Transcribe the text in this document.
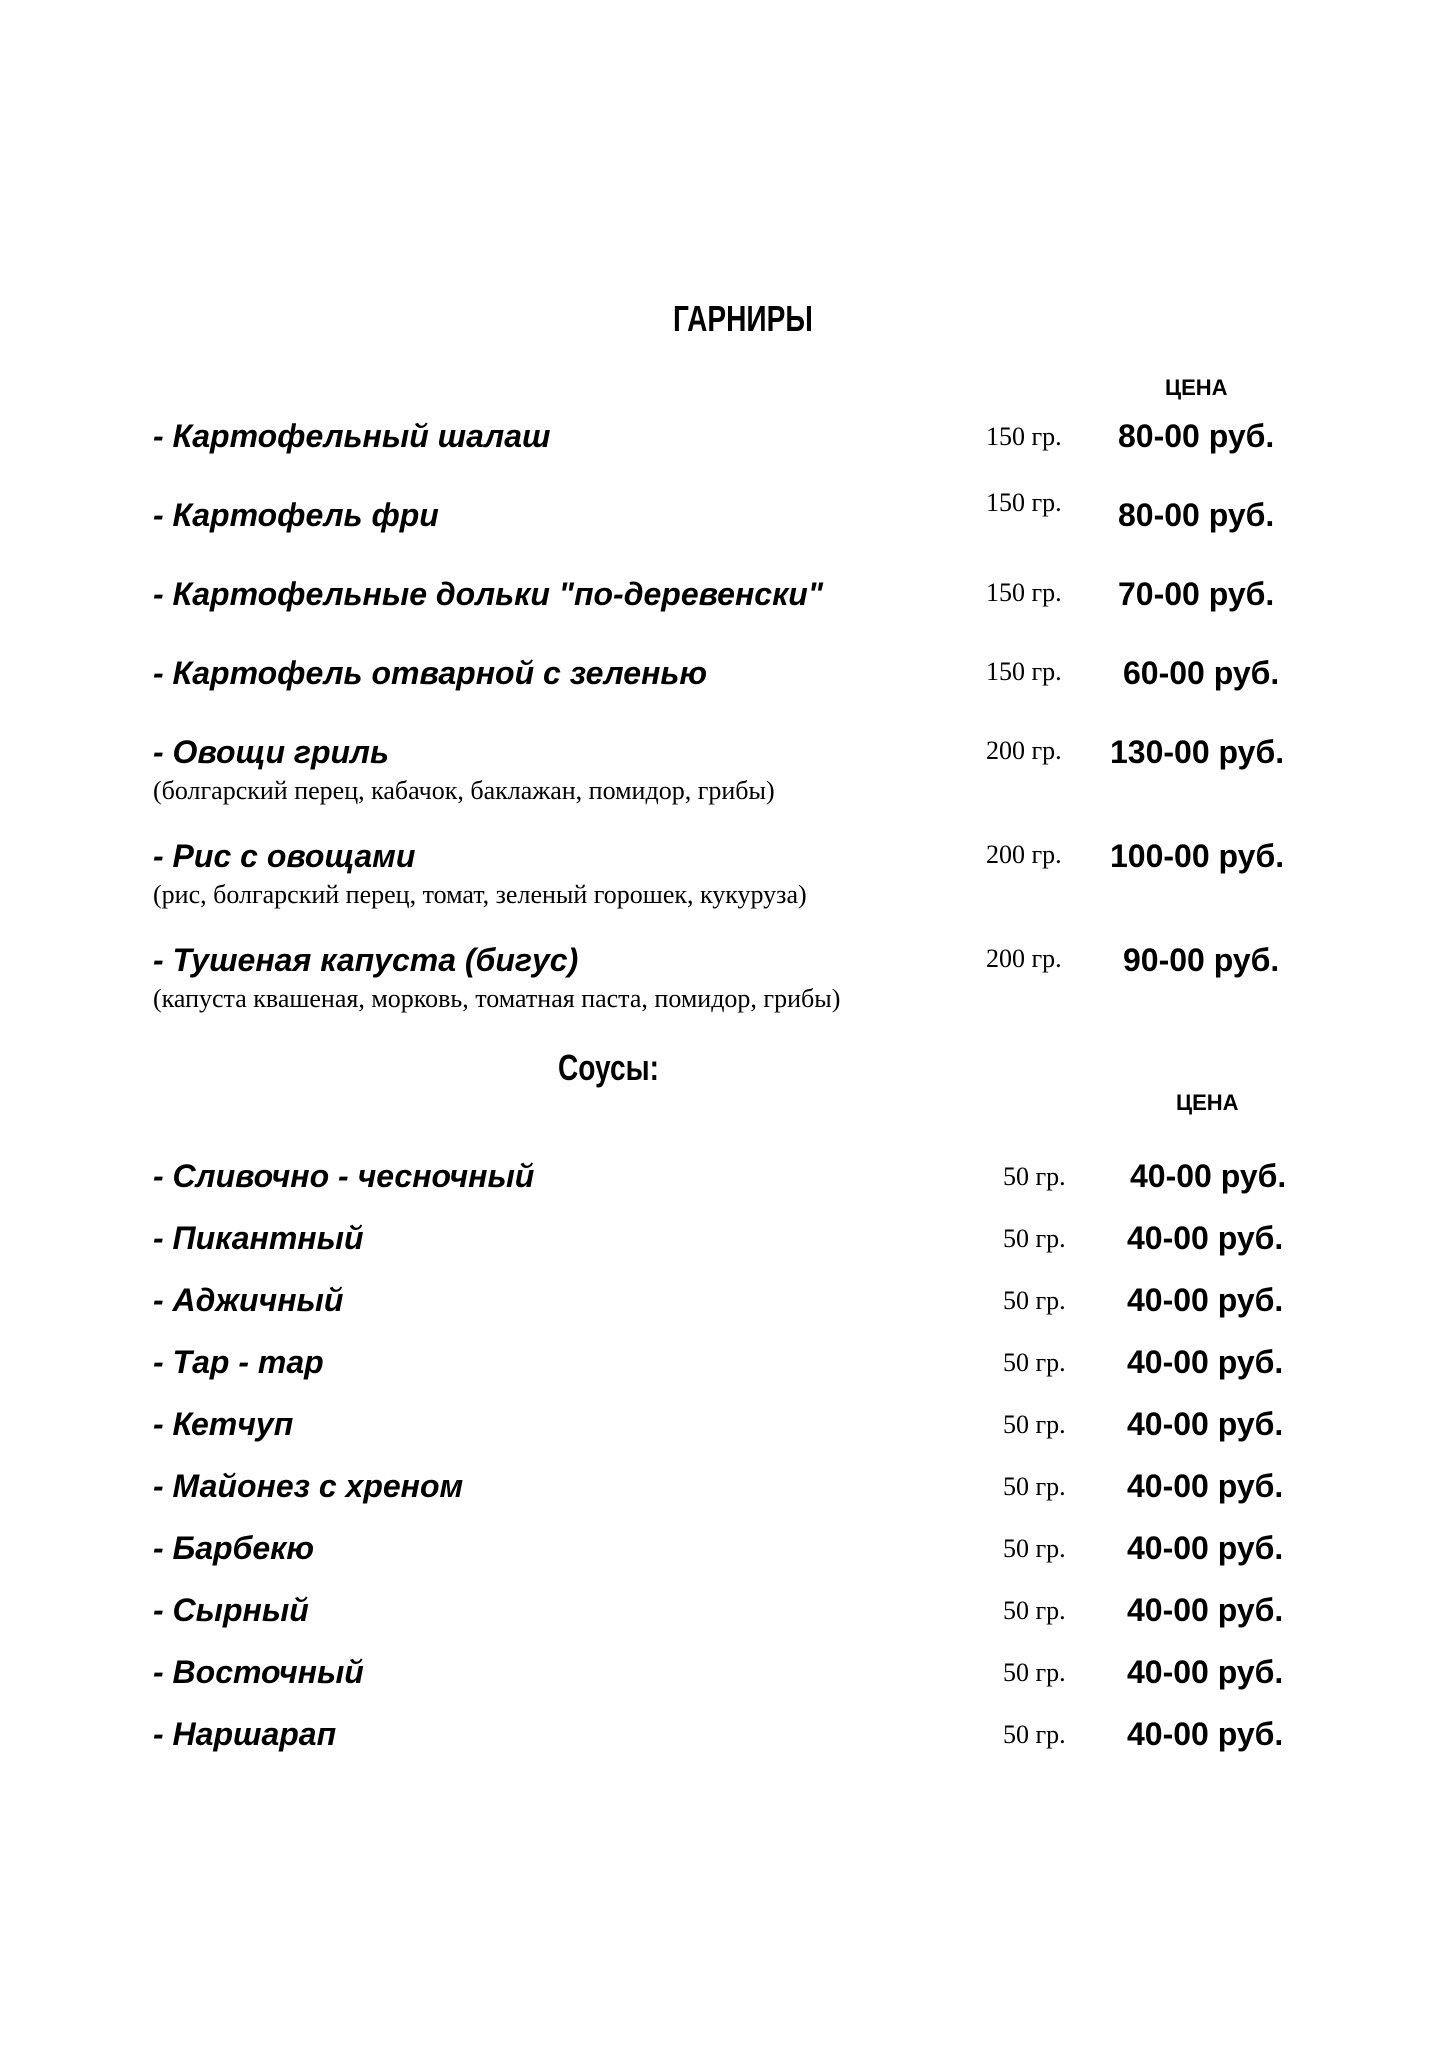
ГАРНИРЫ
ЦЕНА
- Картофельный шалаш	150 гр. 80-00 руб.
- Картофель фри	150 гр. 80-00 руб.
- Картофельные дольки "по-деревенски"	150 гр. 70-00 руб.
- Картофель отварной с зеленью	150 гр. 60-00 руб.
- Овощи гриль
(болгарский перец, кабачок, баклажан, помидор, грибы)
200 гр. 130-00 руб.
- Рис с овощами
(рис, болгарский перец, томат, зеленый горошек, кукуруза)
200 гр. 100-00 руб.
- Тушеная капуста (бигус)
(капуста квашеная, морковь, томатная паста, помидор, грибы)
200 гр. 90-00 руб.
Соусы:
ЦЕНА
- Сливочно - чесночный	50 гр. 40-00 руб.
- Пикантный	50 гр. 40-00 руб.
- Аджичный	50 гр. 40-00 руб.
- Тар - тар	50 гр. 40-00 руб.
- Кетчуп	50 гр. 40-00 руб.
- Майонез с хреном	50 гр. 40-00 руб.
- Барбекю	50 гр. 40-00 руб.
- Сырный	50 гр. 40-00 руб.
- Восточный	50 гр. 40-00 руб.
- Наршарап	50 гр. 40-00 руб.
